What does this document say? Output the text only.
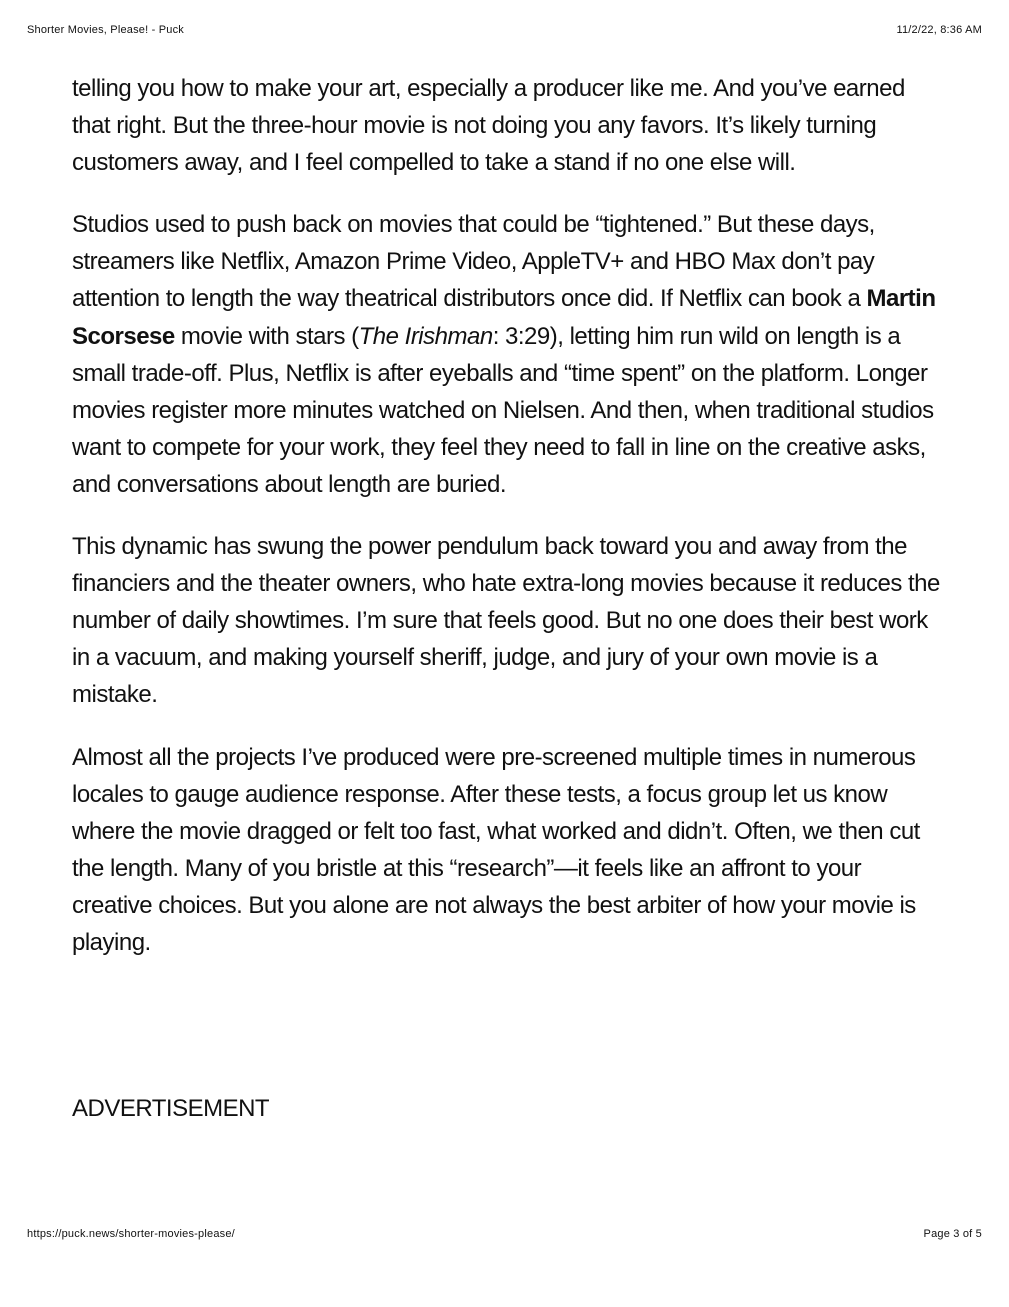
Shorter Movies, Please! - Puck	11/2/22, 8:36 AM

telling you how to make your art, especially a producer like me. And you’ve earned that right. But the three-hour movie is not doing you any favors. It’s likely turning customers away, and I feel compelled to take a stand if no one else will.

Studios used to push back on movies that could be “tightened.” But these days, streamers like Netflix, Amazon Prime Video, AppleTV+ and HBO Max don’t pay attention to length the way theatrical distributors once did. If Netflix can book a Martin Scorsese movie with stars (The Irishman: 3:29), letting him run wild on length is a small trade-off. Plus, Netflix is after eyeballs and “time spent” on the platform. Longer movies register more minutes watched on Nielsen. And then, when traditional studios want to compete for your work, they feel they need to fall in line on the creative asks, and conversations about length are buried.

This dynamic has swung the power pendulum back toward you and away from the financiers and the theater owners, who hate extra-long movies because it reduces the number of daily showtimes. I’m sure that feels good. But no one does their best work in a vacuum, and making yourself sheriff, judge, and jury of your own movie is a mistake.

Almost all the projects I’ve produced were pre-screened multiple times in numerous locales to gauge audience response. After these tests, a focus group let us know where the movie dragged or felt too fast, what worked and didn’t. Often, we then cut the length. Many of you bristle at this “research”—it feels like an affront to your creative choices. But you alone are not always the best arbiter of how your movie is playing.

ADVERTISEMENT
https://puck.news/shorter-movies-please/	Page 3 of 5
